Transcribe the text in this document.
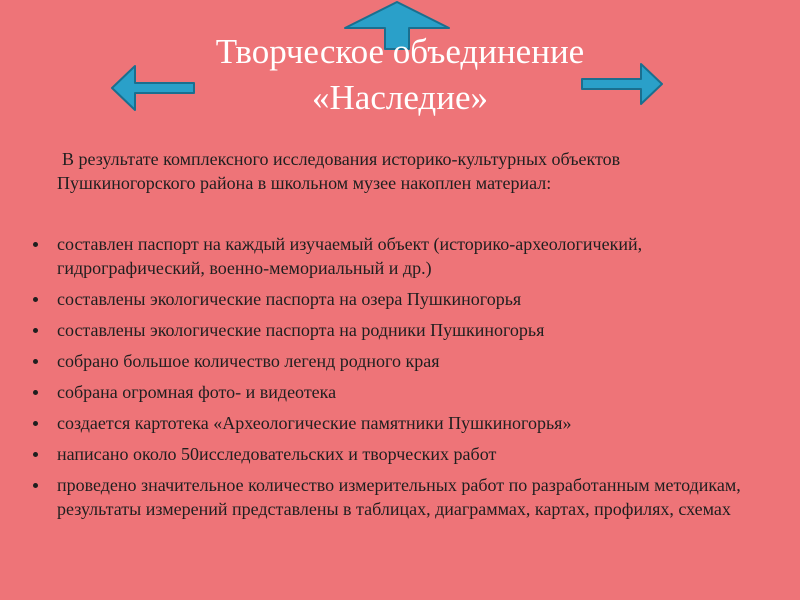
Творческое объединение
«Наследие»

В результате комплексного исследования историко-культурных объектов Пушкиногорского района в школьном музее накоплен материал:

составлен паспорт на каждый изучаемый объект (историко-археологичекий, гидрографический, военно-мемориальный и др.)
составлены экологические паспорта на озера Пушкиногорья
составлены экологические паспорта на родники Пушкиногорья
собрано большое количество легенд родного края
собрана огромная фото- и видеотека
создается картотека «Археологические памятники Пушкиногорья»
написано около 50исследовательских и творческих работ
проведено значительное количество измерительных работ по разработанным методикам, результаты измерений представлены в таблицах, диаграммах, картах, профилях, схемах
